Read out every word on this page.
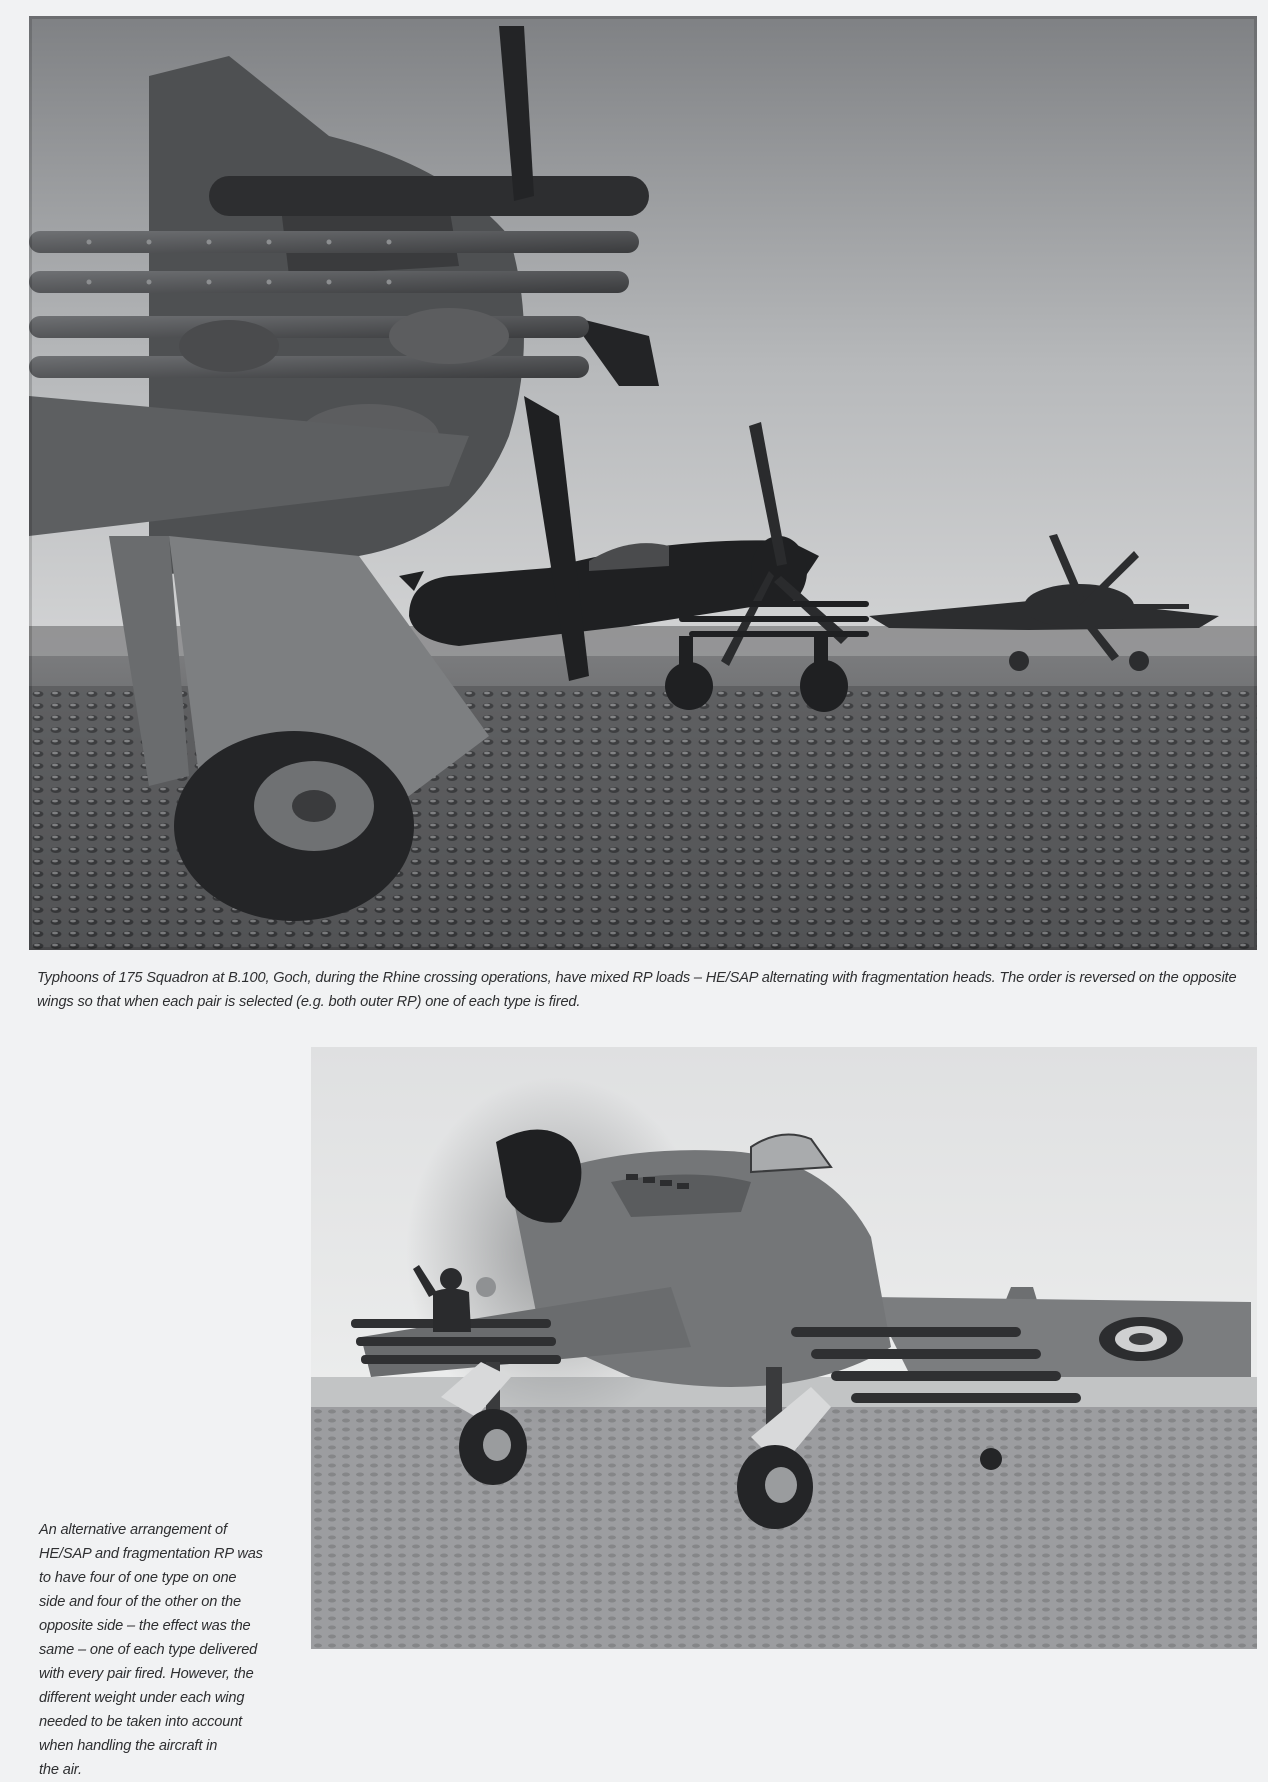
Typhoons of 175 Squadron at B.100, Goch, during the Rhine crossing operations, have mixed RP loads – HE/SAP alternating with fragmentation heads. The order is reversed on the opposite wings so that when each pair is selected (e.g. both outer RP) one of each type is fired.
An alternative arrangement of
HE/SAP and fragmentation RP was
to have four of one type on one
side and four of the other on the
opposite side – the effect was the
same – one of each type delivered
with every pair fired. However, the
different weight under each wing
needed to be taken into account
when handling the aircraft in
the air.
